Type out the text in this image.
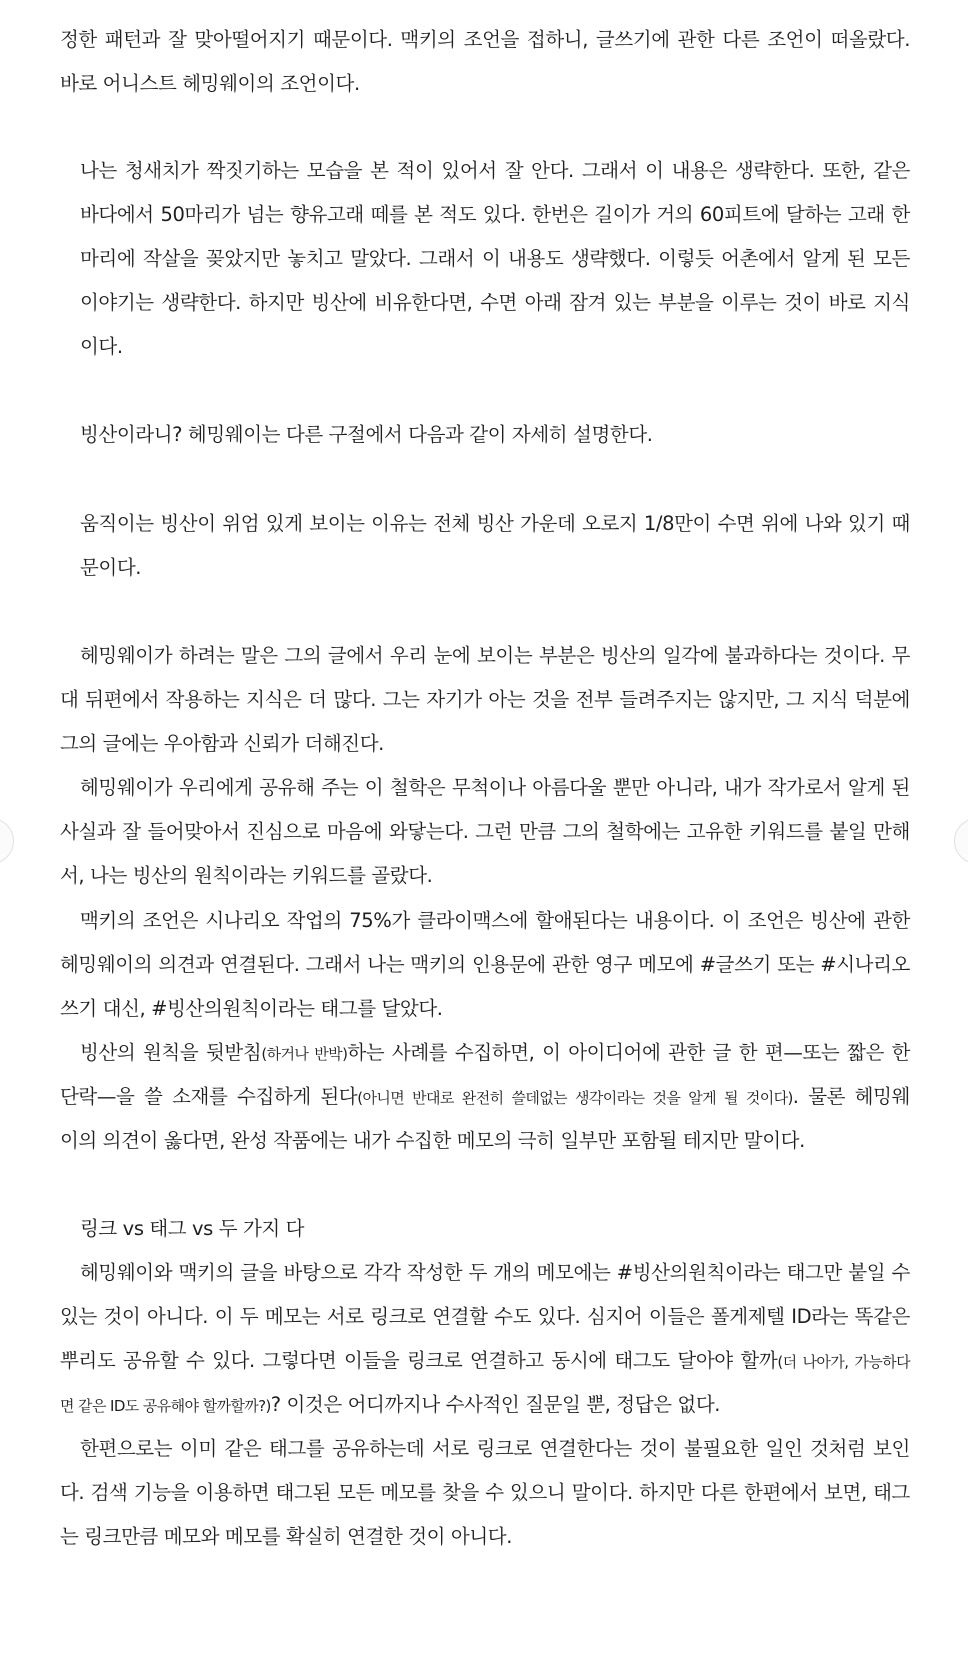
정한 패턴과 잘 맞아떨어지기 때문이다. 맥키의 조언을 접하니, 글쓰기에 관한 다른 조언이 떠올랐다.
바로 어니스트 헤밍웨이의 조언이다.
나는 청새치가 짝짓기하는 모습을 본 적이 있어서 잘 안다. 그래서 이 내용은 생략한다. 또한, 같은
바다에서 50마리가 넘는 향유고래 떼를 본 적도 있다. 한번은 길이가 거의 60피트에 달하는 고래 한
마리에 작살을 꽂았지만 놓치고 말았다. 그래서 이 내용도 생략했다. 이렇듯 어촌에서 알게 된 모든
이야기는 생략한다. 하지만 빙산에 비유한다면, 수면 아래 잠겨 있는 부분을 이루는 것이 바로 지식
이다.
빙산이라니? 헤밍웨이는 다른 구절에서 다음과 같이 자세히 설명한다.
움직이는 빙산이 위엄 있게 보이는 이유는 전체 빙산 가운데 오로지 1/8만이 수면 위에 나와 있기 때
문이다.
헤밍웨이가 하려는 말은 그의 글에서 우리 눈에 보이는 부분은 빙산의 일각에 불과하다는 것이다. 무
대 뒤편에서 작용하는 지식은 더 많다. 그는 자기가 아는 것을 전부 들려주지는 않지만, 그 지식 덕분에
그의 글에는 우아함과 신뢰가 더해진다.
헤밍웨이가 우리에게 공유해 주는 이 철학은 무척이나 아름다울 뿐만 아니라, 내가 작가로서 알게 된
사실과 잘 들어맞아서 진심으로 마음에 와닿는다. 그런 만큼 그의 철학에는 고유한 키워드를 붙일 만해
서, 나는 빙산의 원칙이라는 키워드를 골랐다.
맥키의 조언은 시나리오 작업의 75%가 클라이맥스에 할애된다는 내용이다. 이 조언은 빙산에 관한
헤밍웨이의 의견과 연결된다. 그래서 나는 맥키의 인용문에 관한 영구 메모에 #글쓰기 또는 #시나리오
쓰기 대신, #빙산의원칙이라는 태그를 달았다.
빙산의 원칙을 뒷받침(하거나 반박)하는 사례를 수집하면, 이 아이디어에 관한 글 한 편—또는 짧은 한
단락—을 쓸 소재를 수집하게 된다(아니면 반대로 완전히 쓸데없는 생각이라는 것을 알게 될 것이다). 물론 헤밍웨
이의 의견이 옳다면, 완성 작품에는 내가 수집한 메모의 극히 일부만 포함될 테지만 말이다.
링크 vs 태그 vs 두 가지 다
헤밍웨이와 맥키의 글을 바탕으로 각각 작성한 두 개의 메모에는 #빙산의원칙이라는 태그만 붙일 수
있는 것이 아니다. 이 두 메모는 서로 링크로 연결할 수도 있다. 심지어 이들은 폴게제텔 ID라는 똑같은
뿌리도 공유할 수 있다. 그렇다면 이들을 링크로 연결하고 동시에 태그도 달아야 할까(더 나아가, 가능하다
면 같은 ID도 공유해야 할까할까?)? 이것은 어디까지나 수사적인 질문일 뿐, 정답은 없다.
한편으로는 이미 같은 태그를 공유하는데 서로 링크로 연결한다는 것이 불필요한 일인 것처럼 보인
다. 검색 기능을 이용하면 태그된 모든 메모를 찾을 수 있으니 말이다. 하지만 다른 한편에서 보면, 태그
는 링크만큼 메모와 메모를 확실히 연결한 것이 아니다.
